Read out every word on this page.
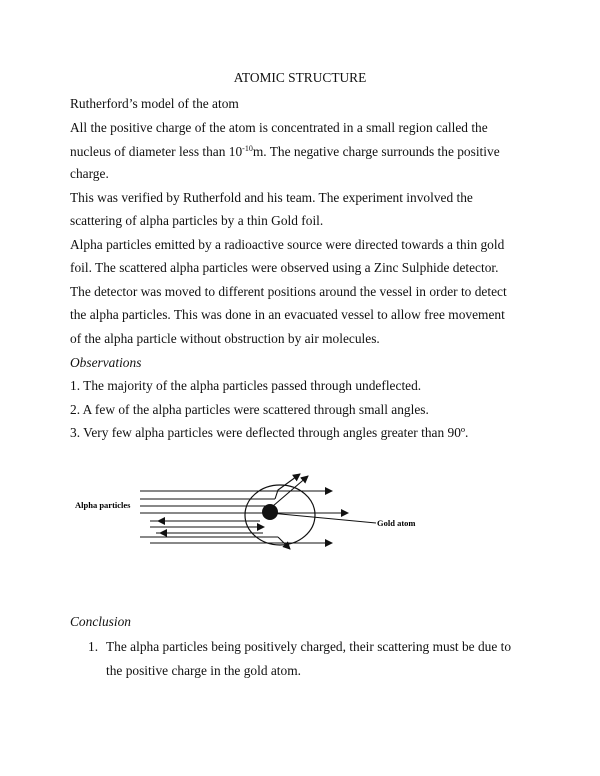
ATOMIC STRUCTURE

Rutherford’s model of the atom

All the positive charge of the atom is concentrated in a small region called the

nucleus of diameter less than $10^{-10}m$. The negative charge surrounds the positive

charge.

This was verified by Rutherfold and his team. The experiment involved the

scattering of alpha particles by a thin Gold foil.

Alpha particles emitted by a radioactive source were directed towards a thin gold

foil. The scattered alpha particles were observed using a Zinc Sulphide detector.

The detector was moved to different positions around the vessel in order to detect

the alpha particles. This was done in an evacuated vessel to allow free movement

of the alpha particle without obstruction by air molecules.

Observations

1. The majority of the alpha particles passed through undeflected.

2. A few of the alpha particles were scattered through small angles.

3. Very few alpha particles were deflected through angles greater than 90º.

Alpha particles
Gold atom

Conclusion

1. The alpha particles being positively charged, their scattering must be due to

the positive charge in the gold atom.
